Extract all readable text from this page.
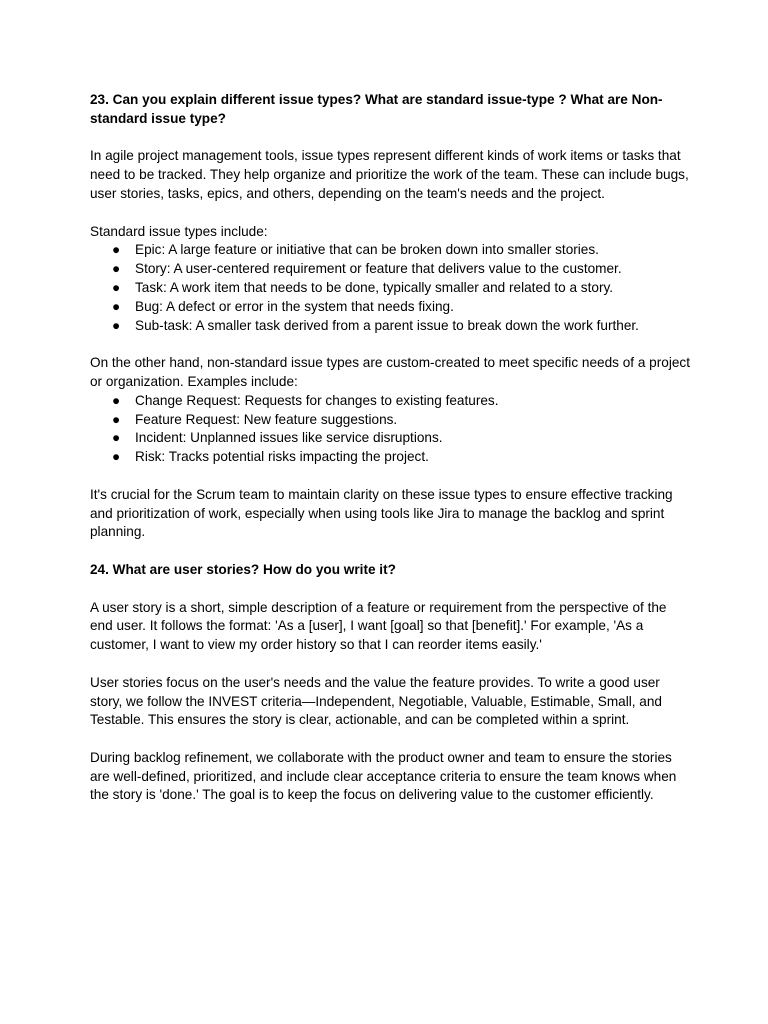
23. Can you explain different issue types? What are standard issue-type ? What are Non-standard issue type?

In agile project management tools, issue types represent different kinds of work items or tasks that need to be tracked. They help organize and prioritize the work of the team. These can include bugs, user stories, tasks, epics, and others, depending on the team's needs and the project.

Standard issue types include:

● Epic: A large feature or initiative that can be broken down into smaller stories.
● Story: A user-centered requirement or feature that delivers value to the customer.
● Task: A work item that needs to be done, typically smaller and related to a story.
● Bug: A defect or error in the system that needs fixing.
● Sub-task: A smaller task derived from a parent issue to break down the work further.

On the other hand, non-standard issue types are custom-created to meet specific needs of a project or organization. Examples include:

● Change Request: Requests for changes to existing features.
● Feature Request: New feature suggestions.
● Incident: Unplanned issues like service disruptions.
● Risk: Tracks potential risks impacting the project.

It's crucial for the Scrum team to maintain clarity on these issue types to ensure effective tracking and prioritization of work, especially when using tools like Jira to manage the backlog and sprint planning.

24. What are user stories? How do you write it?

A user story is a short, simple description of a feature or requirement from the perspective of the end user. It follows the format: 'As a [user], I want [goal] so that [benefit].' For example, 'As a customer, I want to view my order history so that I can reorder items easily.'

User stories focus on the user's needs and the value the feature provides. To write a good user story, we follow the INVEST criteria—Independent, Negotiable, Valuable, Estimable, Small, and Testable. This ensures the story is clear, actionable, and can be completed within a sprint.

During backlog refinement, we collaborate with the product owner and team to ensure the stories are well-defined, prioritized, and include clear acceptance criteria to ensure the team knows when the story is 'done.' The goal is to keep the focus on delivering value to the customer efficiently.
